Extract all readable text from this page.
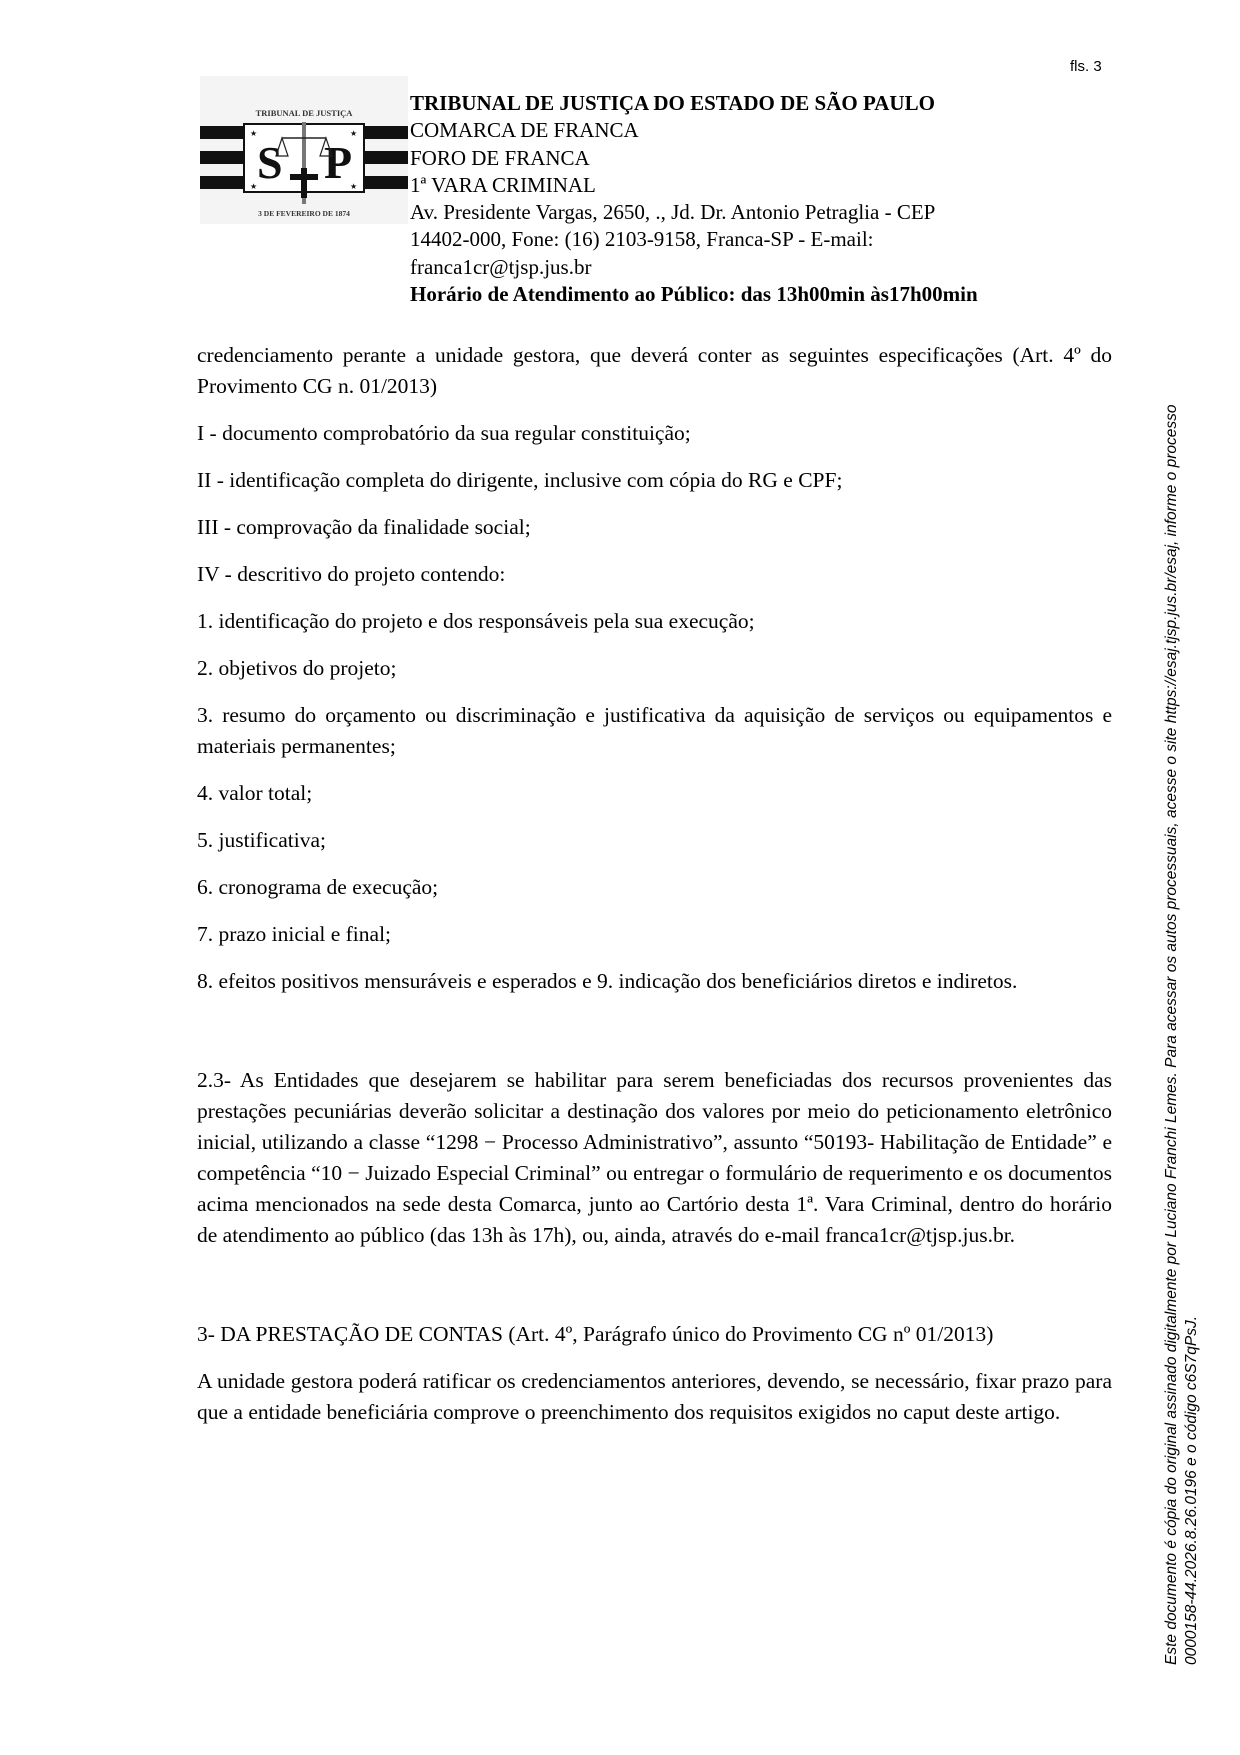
fls. 3
TRIBUNAL DE JUSTIÇA
S P
★	★
★	★
3 DE FEVEREIRO DE 1874
TRIBUNAL DE JUSTIÇA DO ESTADO DE SÃO PAULO
COMARCA DE FRANCA
FORO DE FRANCA
1ª VARA CRIMINAL
Av. Presidente Vargas, 2650, ., Jd. Dr. Antonio Petraglia - CEP
14402-000, Fone: (16) 2103-9158, Franca-SP - E-mail:
franca1cr@tjsp.jus.br
Horário de Atendimento ao Público: das 13h00min às17h00min

credenciamento perante a unidade gestora, que deverá conter as seguintes especificações (Art. 4º do Provimento CG n. 01/2013)

I - documento comprobatório da sua regular constituição;

II - identificação completa do dirigente, inclusive com cópia do RG e CPF;

III - comprovação da finalidade social;

IV - descritivo do projeto contendo:

1. identificação do projeto e dos responsáveis pela sua execução;

2. objetivos do projeto;

3. resumo do orçamento ou discriminação e justificativa da aquisição de serviços ou equipamentos e materiais permanentes;

4. valor total;

5. justificativa;

6. cronograma de execução;

7. prazo inicial e final;

8. efeitos positivos mensuráveis e esperados e 9. indicação dos beneficiários diretos e indiretos.

2.3- As Entidades que desejarem se habilitar para serem beneficiadas dos recursos provenientes das prestações pecuniárias deverão solicitar a destinação dos valores por meio do peticionamento eletrônico inicial, utilizando a classe “1298 − Processo Administrativo”, assunto “50193- Habilitação de Entidade” e competência “10 − Juizado Especial Criminal” ou entregar o formulário de requerimento e os documentos acima mencionados na sede desta Comarca, junto ao Cartório desta 1ª. Vara Criminal, dentro do horário de atendimento ao público (das 13h às 17h), ou, ainda, através do e-mail franca1cr@tjsp.jus.br.

3- DA PRESTAÇÃO DE CONTAS (Art. 4º, Parágrafo único do Provimento CG nº 01/2013)

A unidade gestora poderá ratificar os credenciamentos anteriores, devendo, se necessário, fixar prazo para que a entidade beneficiária comprove o preenchimento dos requisitos exigidos no caput deste artigo.	Este documento é cópia do original assinado digitalmente por Luciano Franchi Lemes. Para acessar os autos processuais, acesse o site https://esaj.tjsp.jus.br/esaj, informe o processo 0000158-44.2026.8.26.0196 e o código c6S7qPsJ.
